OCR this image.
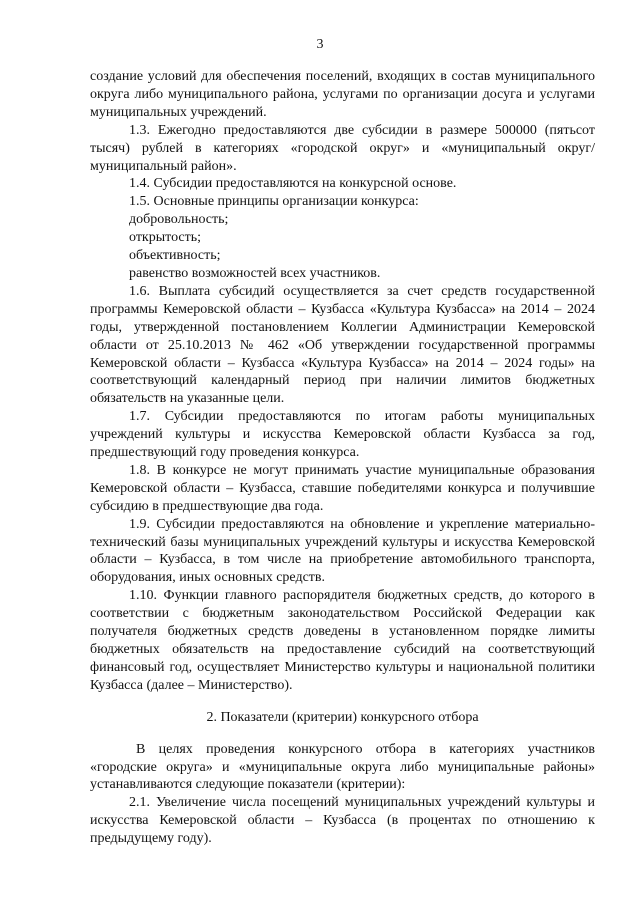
3

создание условий для обеспечения поселений, входящих в состав муниципального округа либо муниципального района, услугами по организации досуга и услугами муниципальных учреждений.

1.3. Ежегодно предоставляются две субсидии в размере 500000 (пятьсот тысяч) рублей в категориях «городской округ» и «муниципальный округ/ муниципальный район».

1.4. Субсидии предоставляются на конкурсной основе.

1.5. Основные принципы организации конкурса:

добровольность;

открытость;

объективность;

равенство возможностей всех участников.

1.6. Выплата субсидий осуществляется за счет средств государственной программы Кемеровской области – Кузбасса «Культура Кузбасса» на 2014 – 2024 годы, утвержденной постановлением Коллегии Администрации Кемеровской области от 25.10.2013 № 462 «Об утверждении государственной программы Кемеровской области – Кузбасса «Культура Кузбасса» на 2014 – 2024 годы» на соответствующий календарный период при наличии лимитов бюджетных обязательств на указанные цели.

1.7. Субсидии предоставляются по итогам работы муниципальных учреждений культуры и искусства Кемеровской области Кузбасса за год, предшествующий году проведения конкурса.

1.8. В конкурсе не могут принимать участие муниципальные образования Кемеровской области – Кузбасса, ставшие победителями конкурса и получившие субсидию в предшествующие два года.

1.9. Субсидии предоставляются на обновление и укрепление материально-технический базы муниципальных учреждений культуры и искусства Кемеровской области – Кузбасса, в том числе на приобретение автомобильного транспорта, оборудования, иных основных средств.

1.10. Функции главного распорядителя бюджетных средств, до которого в соответствии с бюджетным законодательством Российской Федерации как получателя бюджетных средств доведены в установленном порядке лимиты бюджетных обязательств на предоставление субсидий на соответствующий финансовый год, осуществляет Министерство культуры и национальной политики Кузбасса (далее – Министерство).

2. Показатели (критерии) конкурсного отбора

В целях проведения конкурсного отбора в категориях участников «городские округа» и «муниципальные округа либо муниципальные районы» устанавливаются следующие показатели (критерии):

2.1. Увеличение числа посещений муниципальных учреждений культуры и искусства Кемеровской области – Кузбасса (в процентах по отношению к предыдущему году).
